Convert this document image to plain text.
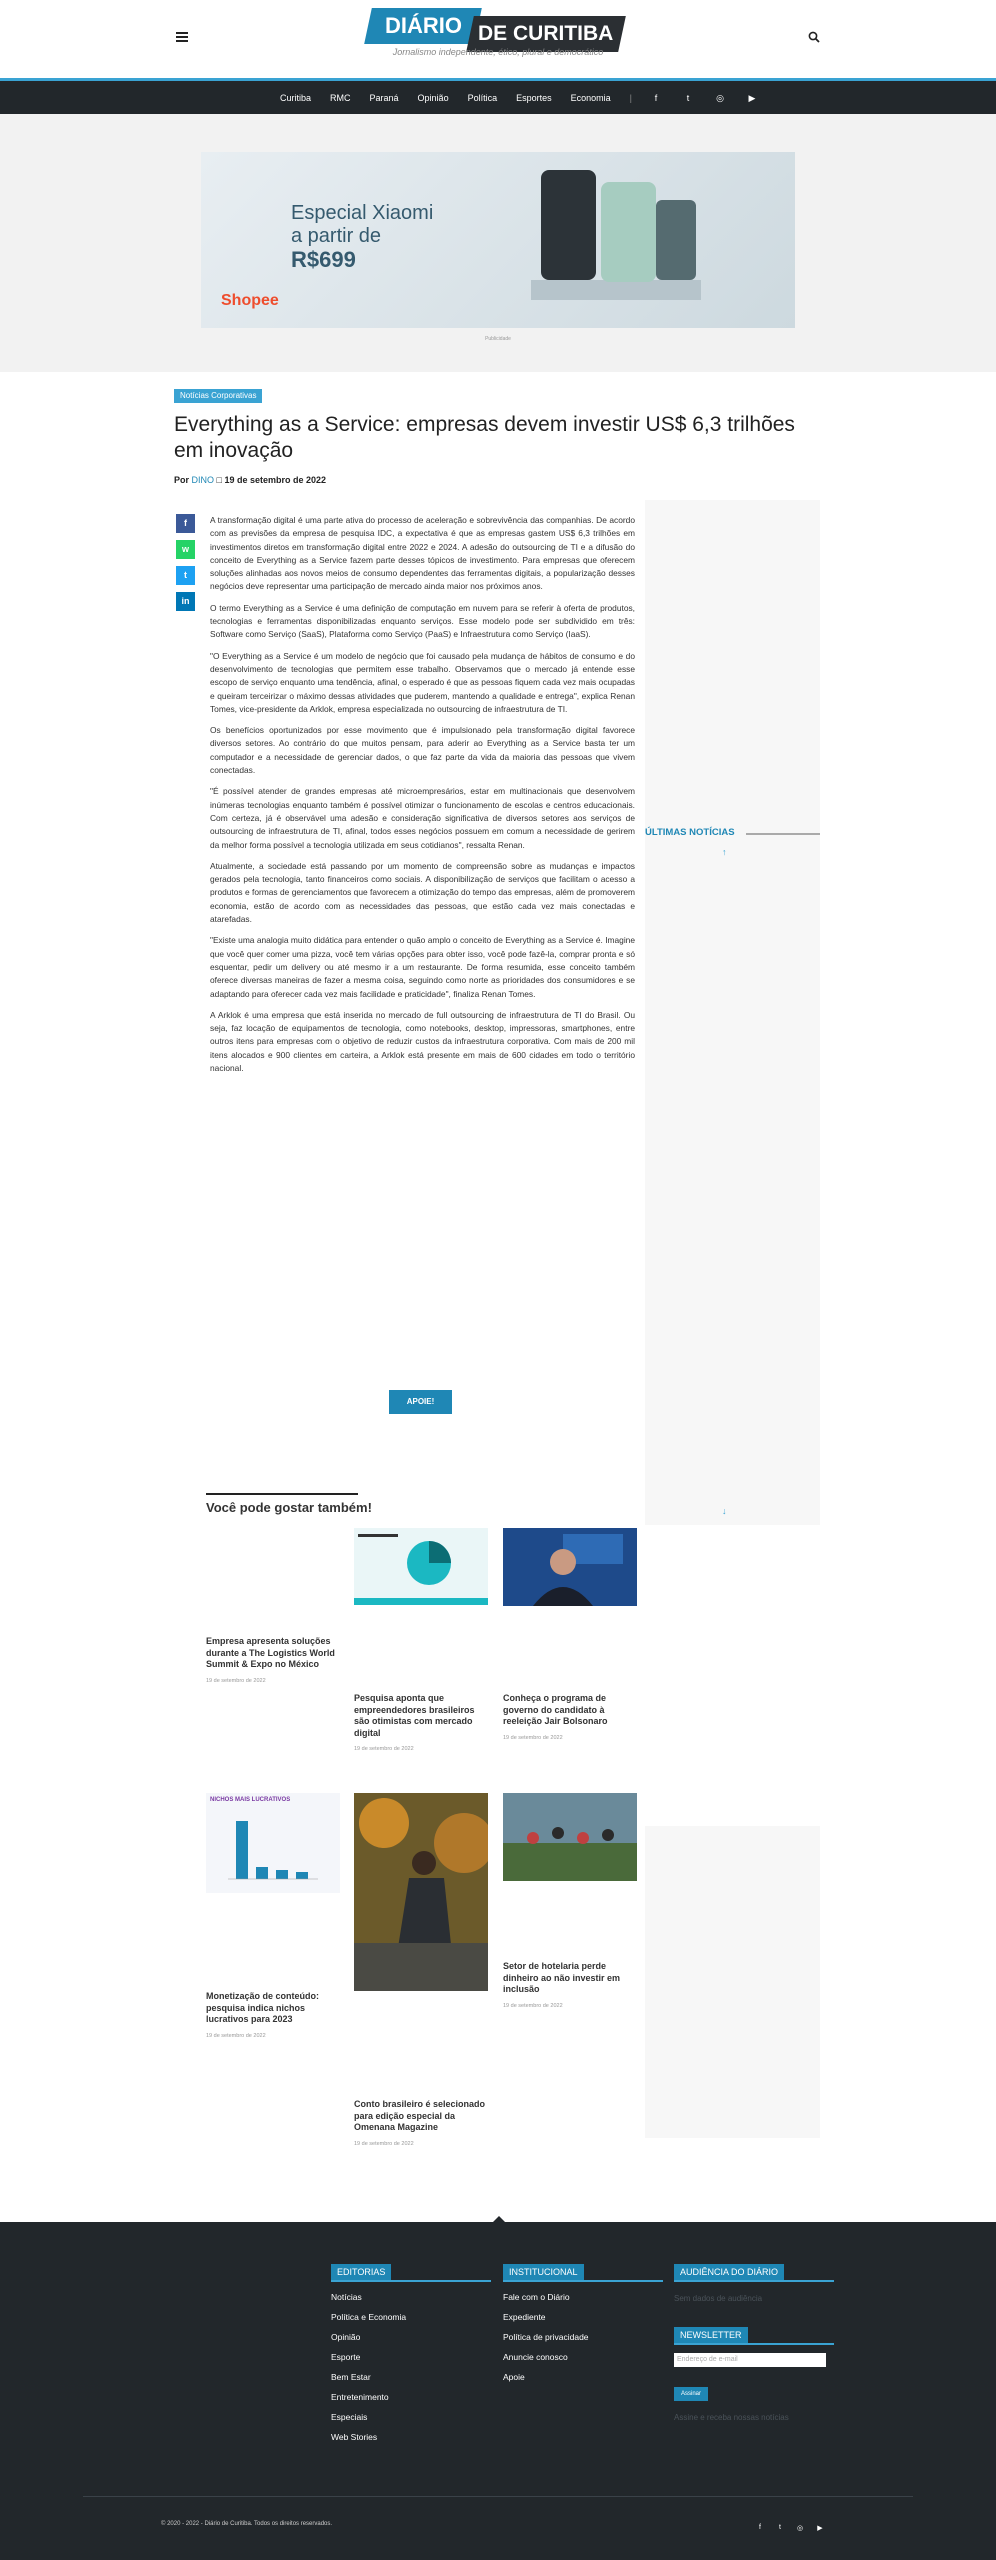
DIÁRIO DE CURITIBA
Jornalismo independente, ético, plural e democrático
Curitiba RMC Paraná Opinião Política Esportes Economia |	f	t	◎	▶
Especial Xiaomi
a partir de
R$699
Shopee
Publicidade
Notícias Corporativas
Everything as a Service: empresas devem investir US$ 6,3 trilhões em inovação
Por DINO □ 19 de setembro de 2022
f
w
t
in

A transformação digital é uma parte ativa do processo de aceleração e sobrevivência das companhias. De acordo com as previsões da empresa de pesquisa IDC, a expectativa é que as empresas gastem US$ 6,3 trilhões em investimentos diretos em transformação digital entre 2022 e 2024. A adesão do outsourcing de TI e a difusão do conceito de Everything as a Service fazem parte desses tópicos de investimento. Para empresas que oferecem soluções alinhadas aos novos meios de consumo dependentes das ferramentas digitais, a popularização desses negócios deve representar uma participação de mercado ainda maior nos próximos anos.

O termo Everything as a Service é uma definição de computação em nuvem para se referir à oferta de produtos, tecnologias e ferramentas disponibilizadas enquanto serviços. Esse modelo pode ser subdividido em três: Software como Serviço (SaaS), Plataforma como Serviço (PaaS) e Infraestrutura como Serviço (IaaS).

"O Everything as a Service é um modelo de negócio que foi causado pela mudança de hábitos de consumo e do desenvolvimento de tecnologias que permitem esse trabalho. Observamos que o mercado já entende esse escopo de serviço enquanto uma tendência, afinal, o esperado é que as pessoas fiquem cada vez mais ocupadas e queiram terceirizar o máximo dessas atividades que puderem, mantendo a qualidade e entrega", explica Renan Tomes, vice-presidente da Arklok, empresa especializada no outsourcing de infraestrutura de TI.

Os benefícios oportunizados por esse movimento que é impulsionado pela transformação digital favorece diversos setores. Ao contrário do que muitos pensam, para aderir ao Everything as a Service basta ter um computador e a necessidade de gerenciar dados, o que faz parte da vida da maioria das pessoas que vivem conectadas.

"É possível atender de grandes empresas até microempresários, estar em multinacionais que desenvolvem inúmeras tecnologias enquanto também é possível otimizar o funcionamento de escolas e centros educacionais. Com certeza, já é observável uma adesão e consideração significativa de diversos setores aos serviços de outsourcing de infraestrutura de TI, afinal, todos esses negócios possuem em comum a necessidade de gerirem da melhor forma possível a tecnologia utilizada em seus cotidianos", ressalta Renan.

Atualmente, a sociedade está passando por um momento de compreensão sobre as mudanças e impactos gerados pela tecnologia, tanto financeiros como sociais. A disponibilização de serviços que facilitam o acesso a produtos e formas de gerenciamentos que favorecem a otimização do tempo das empresas, além de promoverem economia, estão de acordo com as necessidades das pessoas, que estão cada vez mais conectadas e atarefadas.

"Existe uma analogia muito didática para entender o quão amplo o conceito de Everything as a Service é. Imagine que você quer comer uma pizza, você tem várias opções para obter isso, você pode fazê-la, comprar pronta e só esquentar, pedir um delivery ou até mesmo ir a um restaurante. De forma resumida, esse conceito também oferece diversas maneiras de fazer a mesma coisa, seguindo como norte as prioridades dos consumidores e se adaptando para oferecer cada vez mais facilidade e praticidade", finaliza Renan Tomes.

A Arklok é uma empresa que está inserida no mercado de full outsourcing de infraestrutura de TI do Brasil. Ou seja, faz locação de equipamentos de tecnologia, como notebooks, desktop, impressoras, smartphones, entre outros itens para empresas com o objetivo de reduzir custos da infraestrutura corporativa. Com mais de 200 mil itens alocados e 900 clientes em carteira, a Arklok está presente em mais de 600 cidades em todo o território nacional.

APOIE!
ÚLTIMAS NOTÍCIAS
↑
↓
Você pode gostar também!
Empresa apresenta soluções durante a The Logistics World Summit & Expo no México
19 de setembro de 2022
Pesquisa aponta que empreendedores brasileiros são otimistas com mercado digital
19 de setembro de 2022
Conheça o programa de governo do candidato à reeleição Jair Bolsonaro
19 de setembro de 2022
NICHOS MAIS LUCRATIVOS
Monetização de conteúdo: pesquisa indica nichos lucrativos para 2023
19 de setembro de 2022
Conto brasileiro é selecionado para edição especial da Omenana Magazine
19 de setembro de 2022
Setor de hotelaria perde dinheiro ao não investir em inclusão
19 de setembro de 2022
EDITORIAS
Notícias
Política e Economia
Opinião
Esporte
Bem Estar
Entretenimento
Especiais
Web Stories
INSTITUCIONAL
Fale com o Diário
Expediente
Política de privacidade
Anuncie conosco
Apoie
AUDIÊNCIA DO DIÁRIO
Sem dados de audiência
NEWSLETTER
Endereço de e-mail
Assinar
Assine e receba nossas notícias
© 2020 - 2022 - Diário de Curitiba. Todos os direitos reservados.	f	t	◎	▶
